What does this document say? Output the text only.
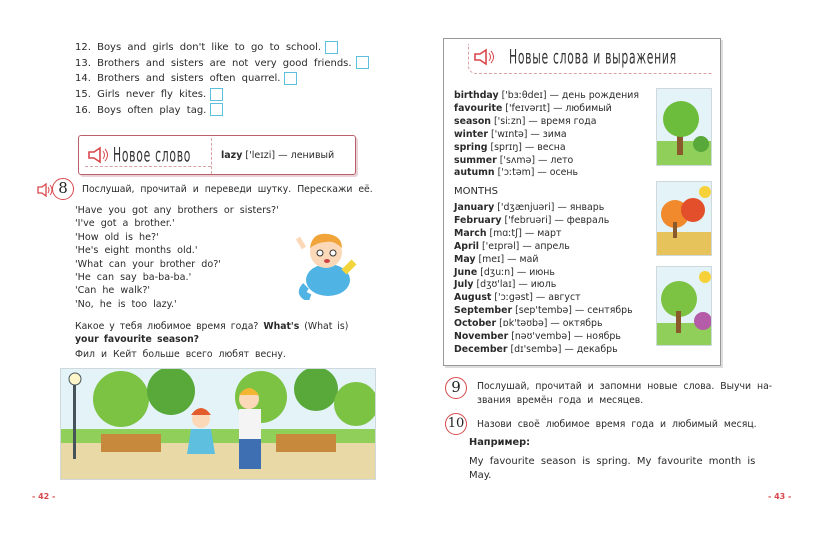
12. Boys and girls don't like to go to school.
13. Brothers and sisters are not very good friends.
14. Brothers and sisters often quarrel.
15. Girls never fly kites.
16. Boys often play tag.
Новое слово	lazy ['leɪzi] — ленивый
8	Послушай, прочитай и переведи шутку. Перескажи её.
'Have you got any brothers or sisters?'
'I've got a brother.'
'How old is he?'
'He's eight months old.'
'What can your brother do?'
'He can say ba-ba-ba.'
'Can he walk?'
'No, he is too lazy.'
Какое у тебя любимое время года? What's (What is) your favourite season?
Фил и Кейт больше всего любят весну.
- 42 -
Новые слова и выражения
birthday ['bɜːθdeɪ] — день рождения
favourite ['feɪvərɪt] — любимый
season ['siːzn] — время года
winter ['wɪntə] — зима
spring [sprɪŋ] — весна
summer ['sʌmə] — лето
autumn ['ɔːtəm] — осень
MONTHS
January ['dʒænjuəri] — январь
February ['februəri] — февраль
March [mɑːtʃ] — март
April ['eɪprəl] — апрель
May [meɪ] — май
June [dʒuːn] — июнь
July [dʒʊ'laɪ] — июль
August ['ɔːgəst] — август
September [sep'tembə] — сентябрь
October [ɒk'təʊbə] — октябрь
November [nəʊ'vembə] — ноябрь
December [dɪ'sembə] — декабрь
9	Послушай, прочитай и запомни новые слова. Выучи на-
звания времён года и месяцев.
10 Назови своё любимое время года и любимый месяц.
Например:
My favourite season is spring. My favourite month is
May.
- 43 -
